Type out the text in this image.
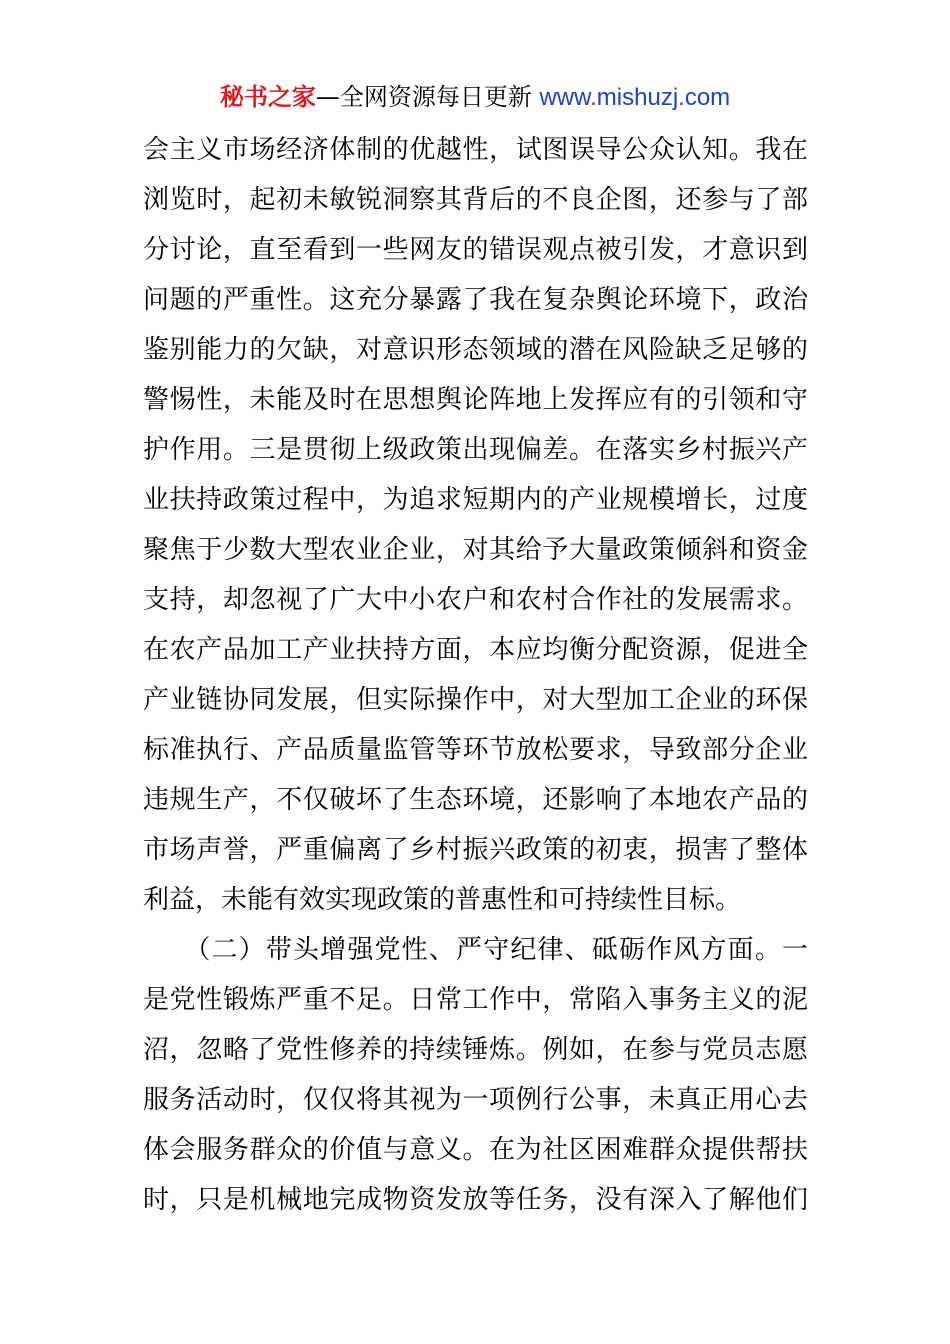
秘书之家—全网资源每日更新 www.mishuzj.com
会主义市场经济体制的优越性，试图误导公众认知。我在
浏览时，起初未敏锐洞察其背后的不良企图，还参与了部
分讨论，直至看到一些网友的错误观点被引发，才意识到
问题的严重性。这充分暴露了我在复杂舆论环境下，政治
鉴别能力的欠缺，对意识形态领域的潜在风险缺乏足够的
警惕性，未能及时在思想舆论阵地上发挥应有的引领和守
护作用。三是贯彻上级政策出现偏差。在落实乡村振兴产
业扶持政策过程中，为追求短期内的产业规模增长，过度
聚焦于少数大型农业企业，对其给予大量政策倾斜和资金
支持，却忽视了广大中小农户和农村合作社的发展需求。
在农产品加工产业扶持方面，本应均衡分配资源，促进全
产业链协同发展，但实际操作中，对大型加工企业的环保
标准执行、产品质量监管等环节放松要求，导致部分企业
违规生产，不仅破坏了生态环境，还影响了本地农产品的
市场声誉，严重偏离了乡村振兴政策的初衷，损害了整体
利益，未能有效实现政策的普惠性和可持续性目标。
　　（二）带头增强党性、严守纪律、砥砺作风方面。一
是党性锻炼严重不足。日常工作中，常陷入事务主义的泥
沼，忽略了党性修养的持续锤炼。例如，在参与党员志愿
服务活动时，仅仅将其视为一项例行公事，未真正用心去
体会服务群众的价值与意义。在为社区困难群众提供帮扶
时，只是机械地完成物资发放等任务，没有深入了解他们
